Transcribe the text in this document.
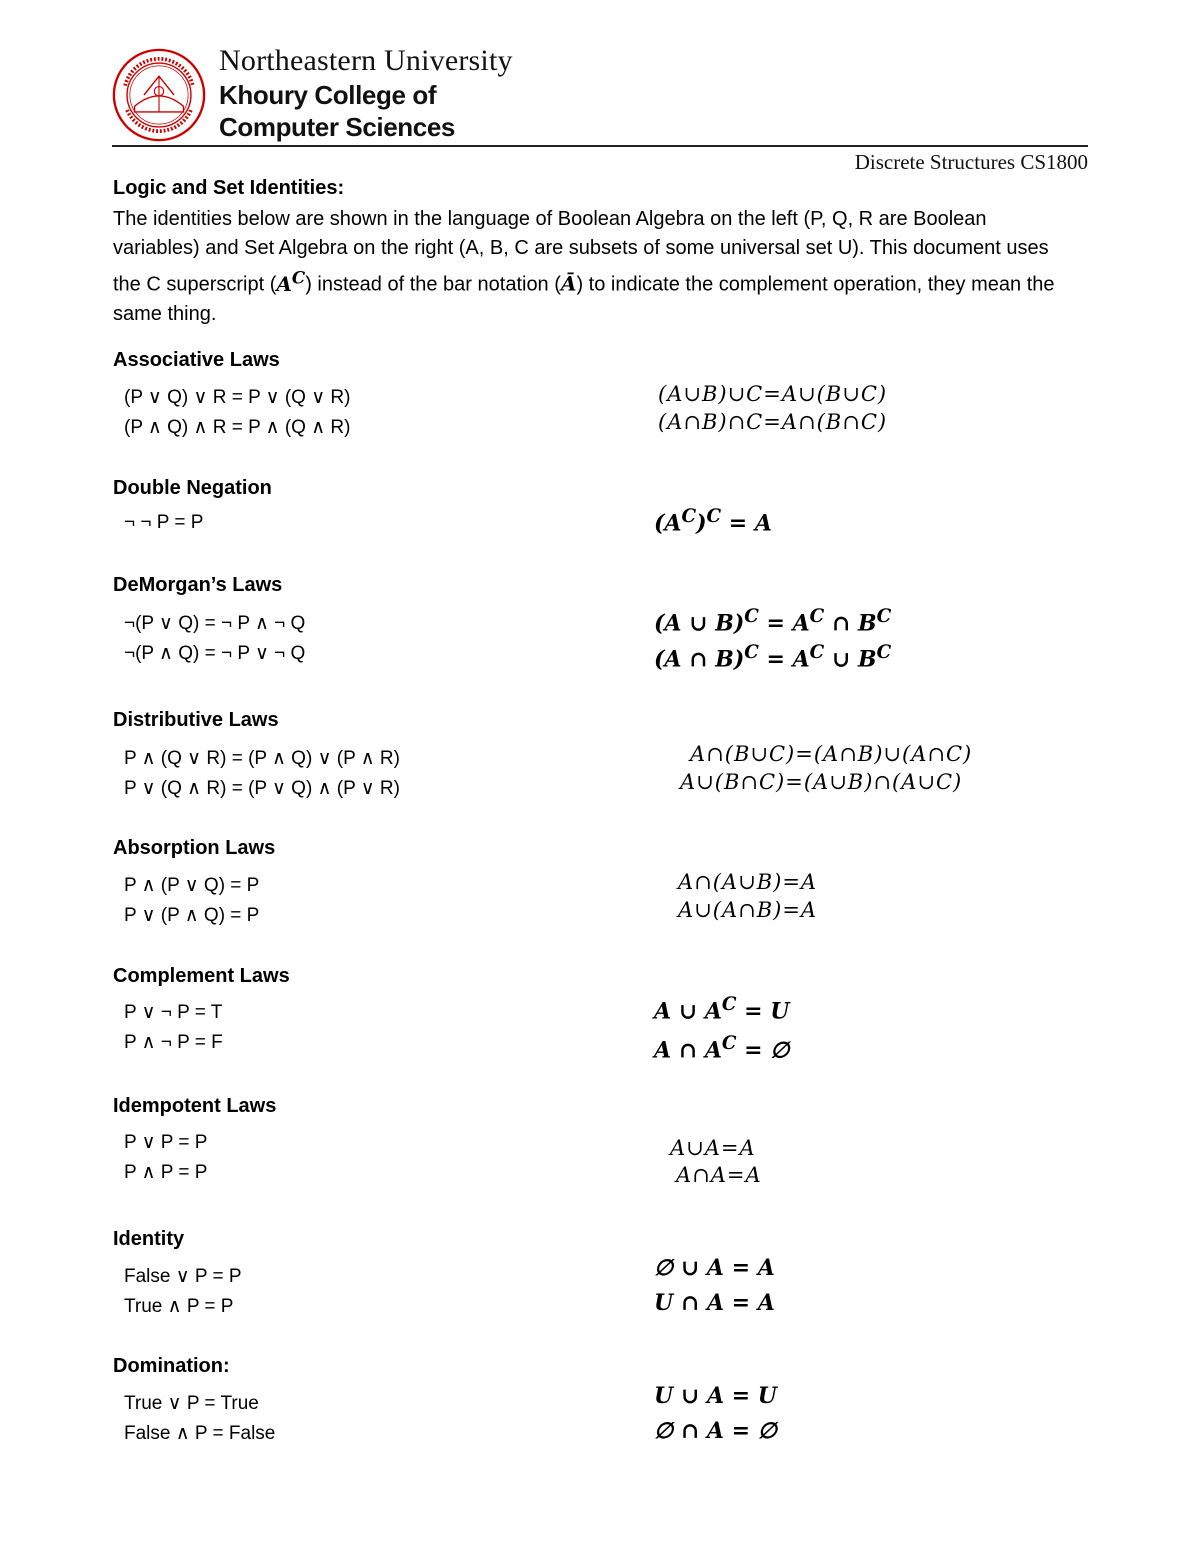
Northeastern University
Khoury College of
Computer Sciences
Discrete Structures CS1800
Logic and Set Identities:
The identities below are shown in the language of Boolean Algebra on the left (P, Q, R are Boolean variables) and Set Algebra on the right (A, B, C are subsets of some universal set U). This document uses the C superscript $(A^C)$ instead of the bar notation (Ā) to indicate the complement operation, they mean the same thing.
Associative Laws
(P ∨ Q) ∨ R = P ∨ (Q ∨ R)
(P ∧ Q) ∧ R = P ∧ (Q ∧ R)
(A∪B)∪C=A∪(B∪C)
(A∩B)∩C=A∩(B∩C)
Double Negation
¬ ¬ P = P	$(A^C)^C = A$
DeMorgan’s Laws
¬(P ∨ Q) = ¬ P ∧ ¬ Q
¬(P ∧ Q) = ¬ P ∨ ¬ Q
(A ∪ $B)^C = A^C$ ∩ $B^C$
(A ∩ $B)^C = A^C$ ∪ $B^C$
Distributive Laws
P ∧ (Q ∨ R) = (P ∧ Q) ∨ (P ∧ R)
P ∨ (Q ∧ R) = (P ∨ Q) ∧ (P ∨ R)
A∩(B∪C)=(A∩B)∪(A∩C)
A∪(B∩C)=(A∪B)∩(A∪C)
Absorption Laws
P ∧ (P ∨ Q) = P
P ∨ (P ∧ Q) = P
A∩(A∪B)=A
A∪(A∩B)=A
Complement Laws
P ∨ ¬ P = T
P ∧ ¬ P = F
A ∪ $A^C = U$
A ∩ $A^C$ = ∅
Idempotent Laws
P ∨ P = P
P ∧ P = P
A∪A=A
A∩A=A
Identity
False ∨ P = P
True ∧ P = P
∅ ∪ A = A
U ∩ A = A
Domination:
True ∨ P = True
False ∧ P = False
U ∪ A = U
∅ ∩ A = ∅
